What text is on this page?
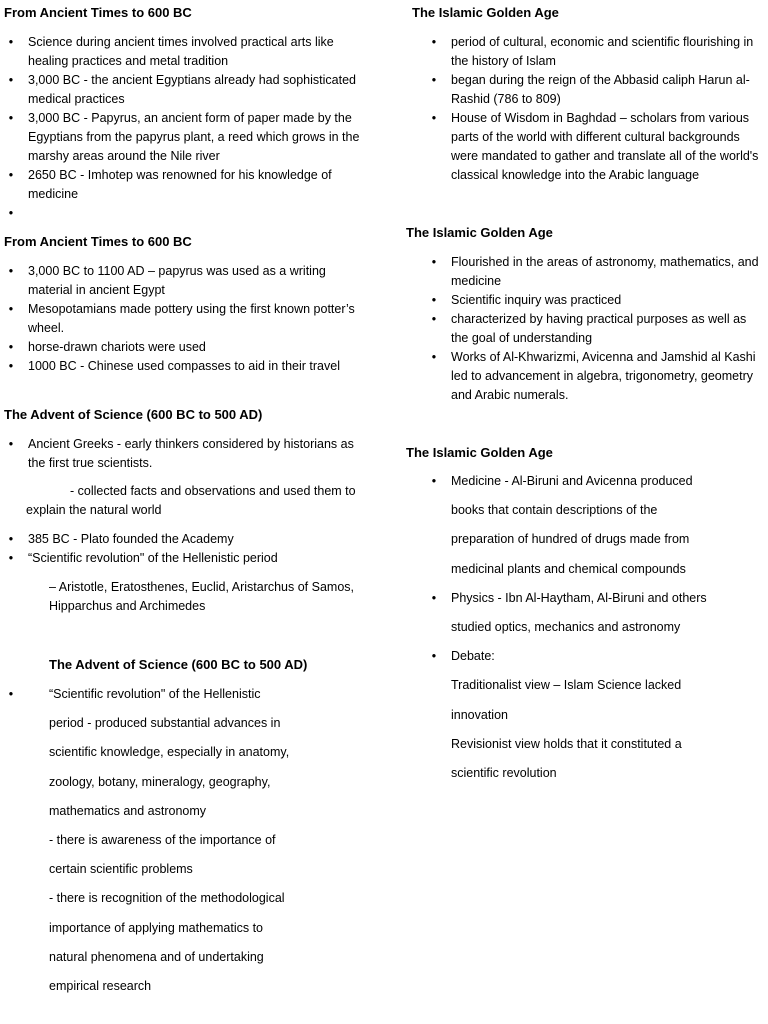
From Ancient Times to 600 BC

• Science during ancient times involved practical arts like healing practices and metal tradition
• 3,000 BC - the ancient Egyptians already had sophisticated medical practices
• 3,000 BC - Papyrus, an ancient form of paper made by the Egyptians from the papyrus plant, a reed which grows in the marshy areas around the Nile river
• 2650 BC - Imhotep was renowned for his knowledge of medicine
•

From Ancient Times to 600 BC

• 3,000 BC to 1100 AD – papyrus was used as a writing material in ancient Egypt
• Mesopotamians made pottery using the first known potter’s wheel.
• horse-drawn chariots were used
• 1000 BC - Chinese used compasses to aid in their travel

The Advent of Science (600 BC to 500 AD)

• Ancient Greeks - early thinkers considered by historians as the first true scientists.

- collected facts and observations and used them to
explain the natural world

• 385 BC - Plato founded the Academy
• “Scientific revolution" of the Hellenistic period

– Aristotle, Eratosthenes, Euclid, Aristarchus of Samos,
Hipparchus and Archimedes

The Advent of Science (600 BC to 500 AD)

•	“Scientific revolution" of the Hellenistic
period - produced substantial advances in
scientific knowledge, especially in anatomy,
zoology, botany, mineralogy, geography,
mathematics and astronomy
- there is awareness of the importance of
certain scientific problems
- there is recognition of the methodological
importance of applying mathematics to
natural phenomena and of undertaking
empirical research

The Islamic Golden Age

• period of cultural, economic and scientific flourishing in the history of Islam
• began during the reign of the Abbasid caliph Harun al-Rashid (786 to 809)
• House of Wisdom in Baghdad – scholars from various parts of the world with different cultural backgrounds were mandated to gather and translate all of the world's classical knowledge into the Arabic language

The Islamic Golden Age

• Flourished in the areas of astronomy, mathematics, and medicine
• Scientific inquiry was practiced
• characterized by having practical purposes as well as the goal of understanding
• Works of Al-Khwarizmi, Avicenna and Jamshid al Kashi led to advancement in algebra, trigonometry, geometry and Arabic numerals.

The Islamic Golden Age

• Medicine - Al-Biruni and Avicenna produced
books that contain descriptions of the
preparation of hundred of drugs made from
medicinal plants and chemical compounds
• Physics - Ibn Al-Haytham, Al-Biruni and others
studied optics, mechanics and astronomy
• Debate:
Traditionalist view – Islam Science lacked
innovation
Revisionist view holds that it constituted a
scientific revolution
